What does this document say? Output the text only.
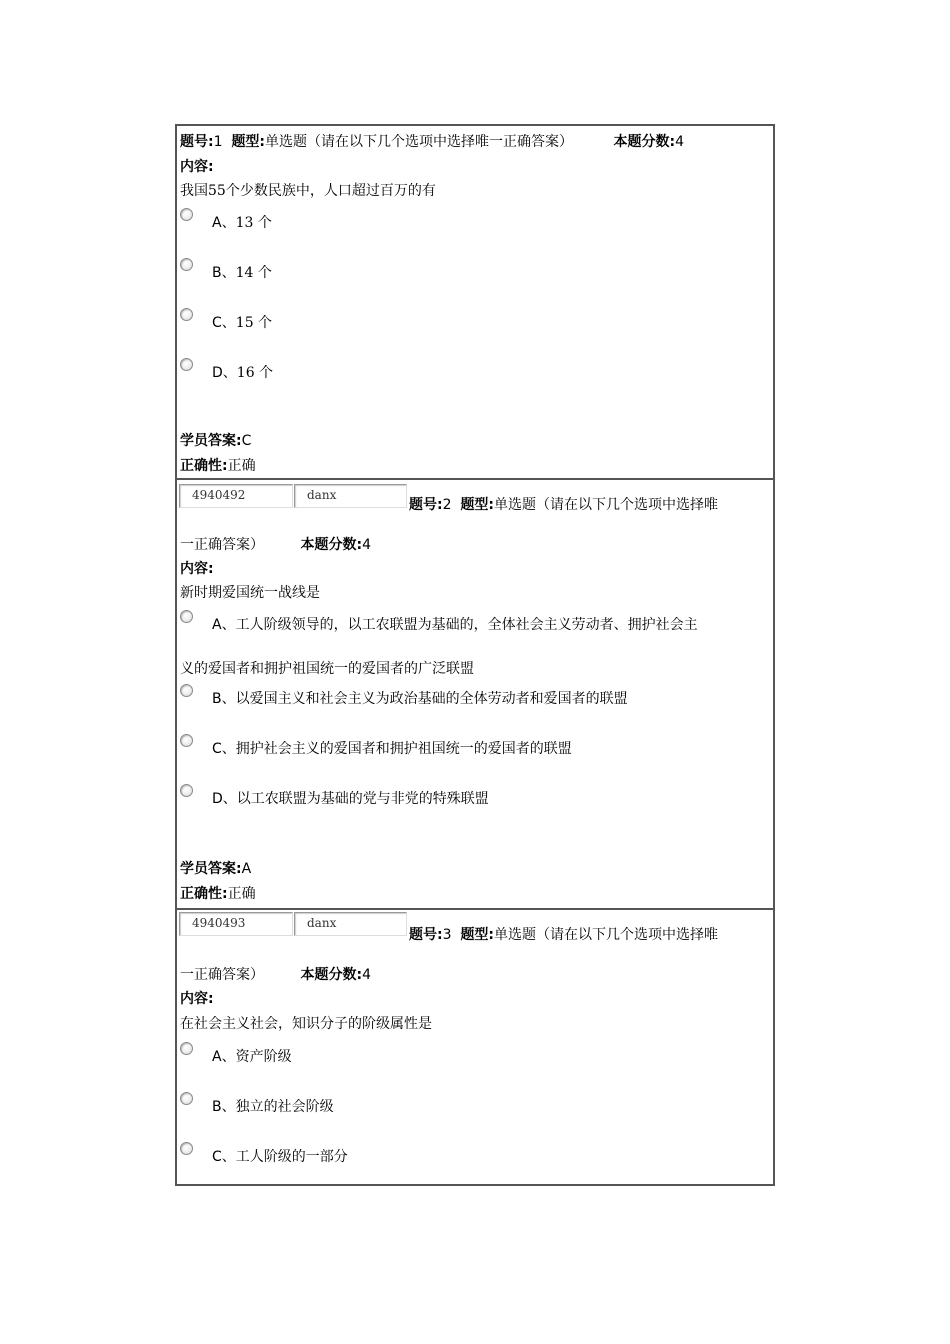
题号:1 题型:单选题（请在以下几个选项中选择唯一正确答案）	本题分数:4
内容:
我国55个少数民族中，人口超过百万的有
A、13 个
B、14 个
C、15 个
D、16 个
学员答案:C
正确性:正确
4940492	danx
题号:2 题型:单选题（请在以下几个选项中选择唯
一正确答案）	本题分数:4
内容:
新时期爱国统一战线是
A、工人阶级领导的，以工农联盟为基础的，全体社会主义劳动者、拥护社会主
义的爱国者和拥护祖国统一的爱国者的广泛联盟
B、以爱国主义和社会主义为政治基础的全体劳动者和爱国者的联盟
C、拥护社会主义的爱国者和拥护祖国统一的爱国者的联盟
D、以工农联盟为基础的党与非党的特殊联盟
学员答案:A
正确性:正确
4940493	danx
题号:3 题型:单选题（请在以下几个选项中选择唯
一正确答案）	本题分数:4
内容:
在社会主义社会，知识分子的阶级属性是
A、资产阶级
B、独立的社会阶级
C、工人阶级的一部分
